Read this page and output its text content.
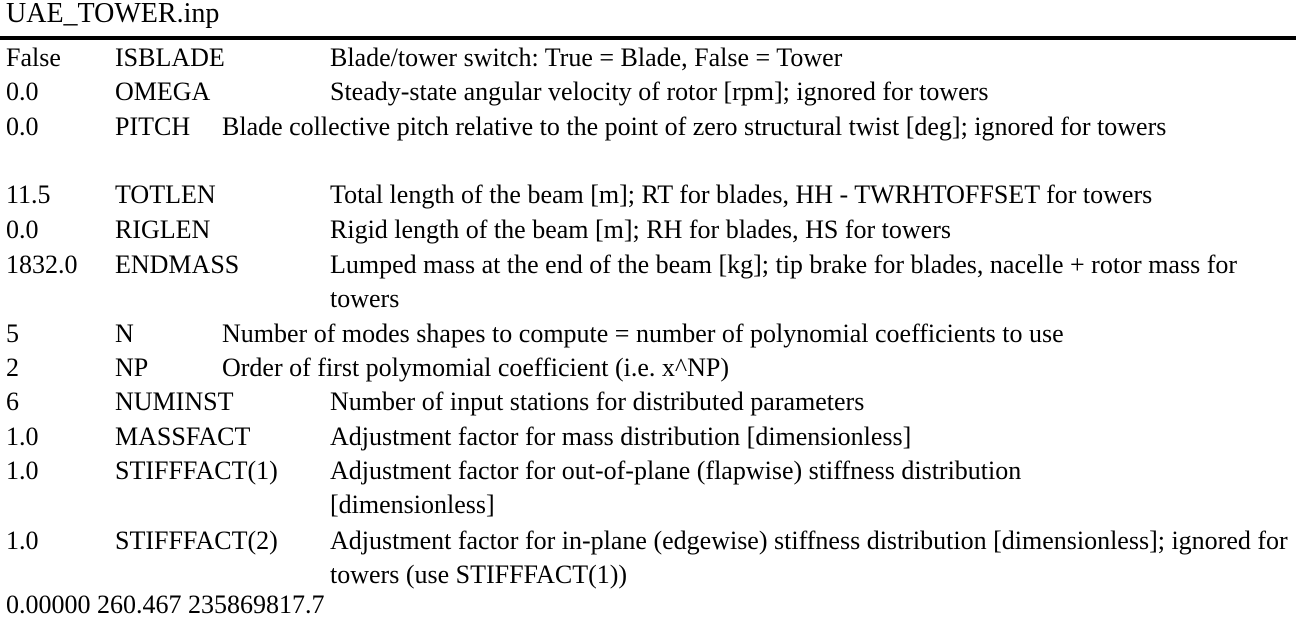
UAE_TOWER.inp
False ISBLADE	Blade/tower switch: True = Blade, False = Tower
0.0	OMEGA	Steady-state angular velocity of rotor [rpm]; ignored for towers
0.0	PITCH Blade collective pitch relative to the point of zero structural twist [deg]; ignored for towers
11.5 TOTLEN	Total length of the beam [m]; RT for blades, HH - TWRHTOFFSET for towers
0.0	RIGLEN	Rigid length of the beam [m]; RH for blades, HS for towers
1832.0 ENDMASS	Lumped mass at the end of the beam [kg]; tip brake for blades, nacelle + rotor mass for towers
5	N	Number of modes shapes to compute = number of polynomial coefficients to use
2	NP	Order of first polymomial coefficient (i.e. x^NP)
6	NUMINST	Number of input stations for distributed parameters
1.0	MASSFACT	Adjustment factor for mass distribution [dimensionless]
1.0	STIFFFACT(1) Adjustment factor for out-of-plane (flapwise) stiffness distribution [dimensionless]
1.0	STIFFFACT(2) Adjustment factor for in-plane (edgewise) stiffness distribution [dimensionless]; ignored for towers (use STIFFFACT(1))
0.00000 260.467 235869817.7
